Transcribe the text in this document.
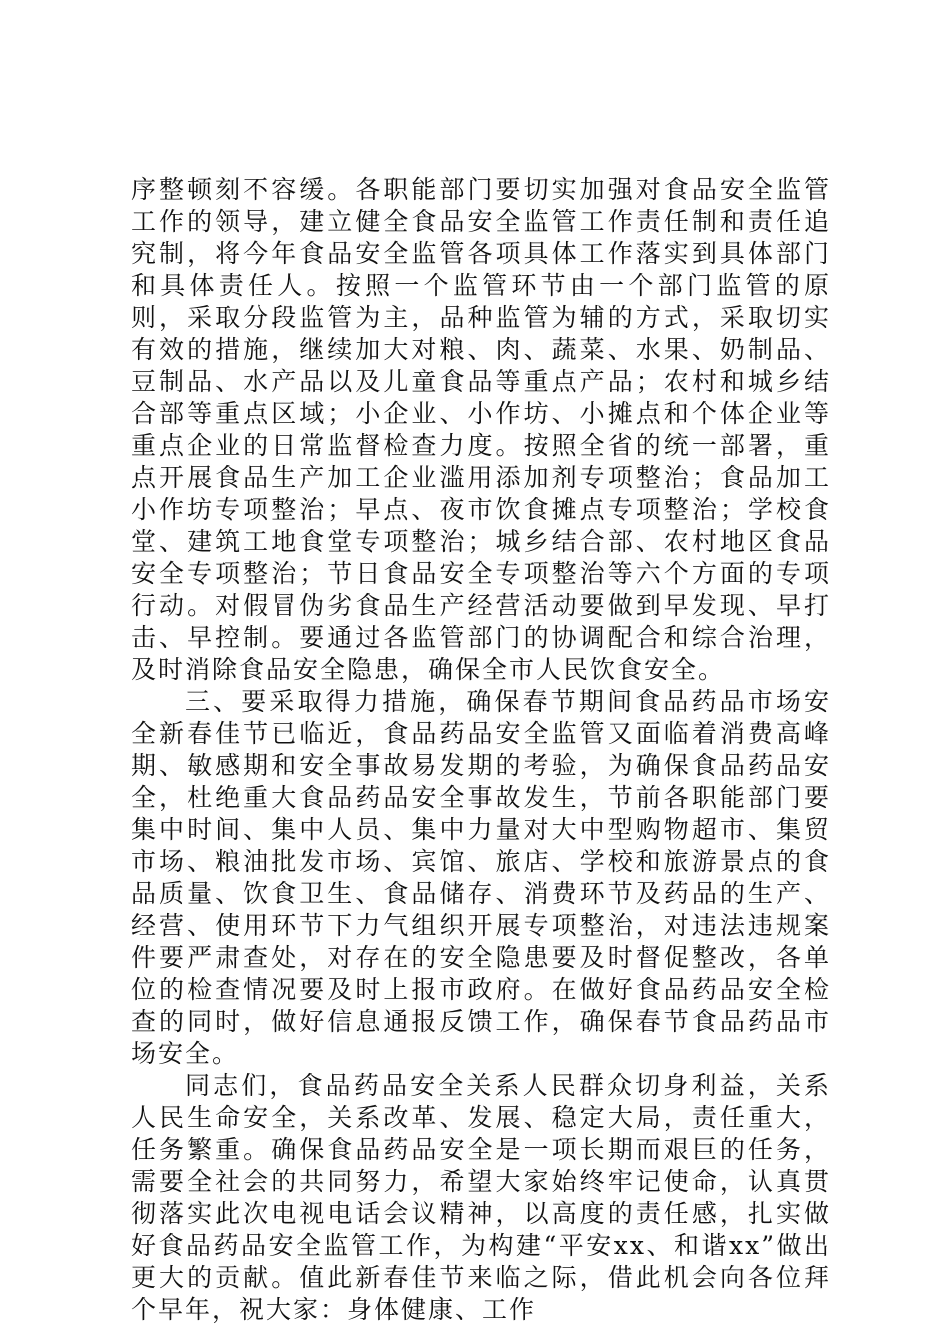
序整顿刻不容缓。各职能部门要切实加强对食品安全监管工作的领导，建立健全食品安全监管工作责任制和责任追究制，将今年食品安全监管各项具体工作落实到具体部门和具体责任人。按照一个监管环节由一个部门监管的原则，采取分段监管为主，品种监管为辅的方式，采取切实有效的措施，继续加大对粮、肉、蔬菜、水果、奶制品、豆制品、水产品以及儿童食品等重点产品；农村和城乡结合部等重点区域；小企业、小作坊、小摊点和个体企业等重点企业的日常监督检查力度。按照全省的统一部署，重点开展食品生产加工企业滥用添加剂专项整治；食品加工小作坊专项整治；早点、夜市饮食摊点专项整治；学校食堂、建筑工地食堂专项整治；城乡结合部、农村地区食品安全专项整治；节日食品安全专项整治等六个方面的专项行动。对假冒伪劣食品生产经营活动要做到早发现、早打击、早控制。要通过各监管部门的协调配合和综合治理，及时消除食品安全隐患，确保全市人民饮食安全。

三、要采取得力措施，确保春节期间食品药品市场安全新春佳节已临近，食品药品安全监管又面临着消费高峰期、敏感期和安全事故易发期的考验，为确保食品药品安全，杜绝重大食品药品安全事故发生，节前各职能部门要集中时间、集中人员、集中力量对大中型购物超市、集贸市场、粮油批发市场、宾馆、旅店、学校和旅游景点的食品质量、饮食卫生、食品储存、消费环节及药品的生产、经营、使用环节下力气组织开展专项整治，对违法违规案件要严肃查处，对存在的安全隐患要及时督促整改，各单位的检查情况要及时上报市政府。在做好食品药品安全检查的同时，做好信息通报反馈工作，确保春节食品药品市场安全。

同志们，食品药品安全关系人民群众切身利益，关系人民生命安全，关系改革、发展、稳定大局，责任重大，任务繁重。确保食品药品安全是一项长期而艰巨的任务，需要全社会的共同努力，希望大家始终牢记使命，认真贯彻落实此次电视电话会议精神，以高度的责任感，扎实做好食品药品安全监管工作，为构建“平安xx、和谐xx”做出更大的贡献。值此新春佳节来临之际，借此机会向各位拜个早年，祝大家：身体健康、工作
